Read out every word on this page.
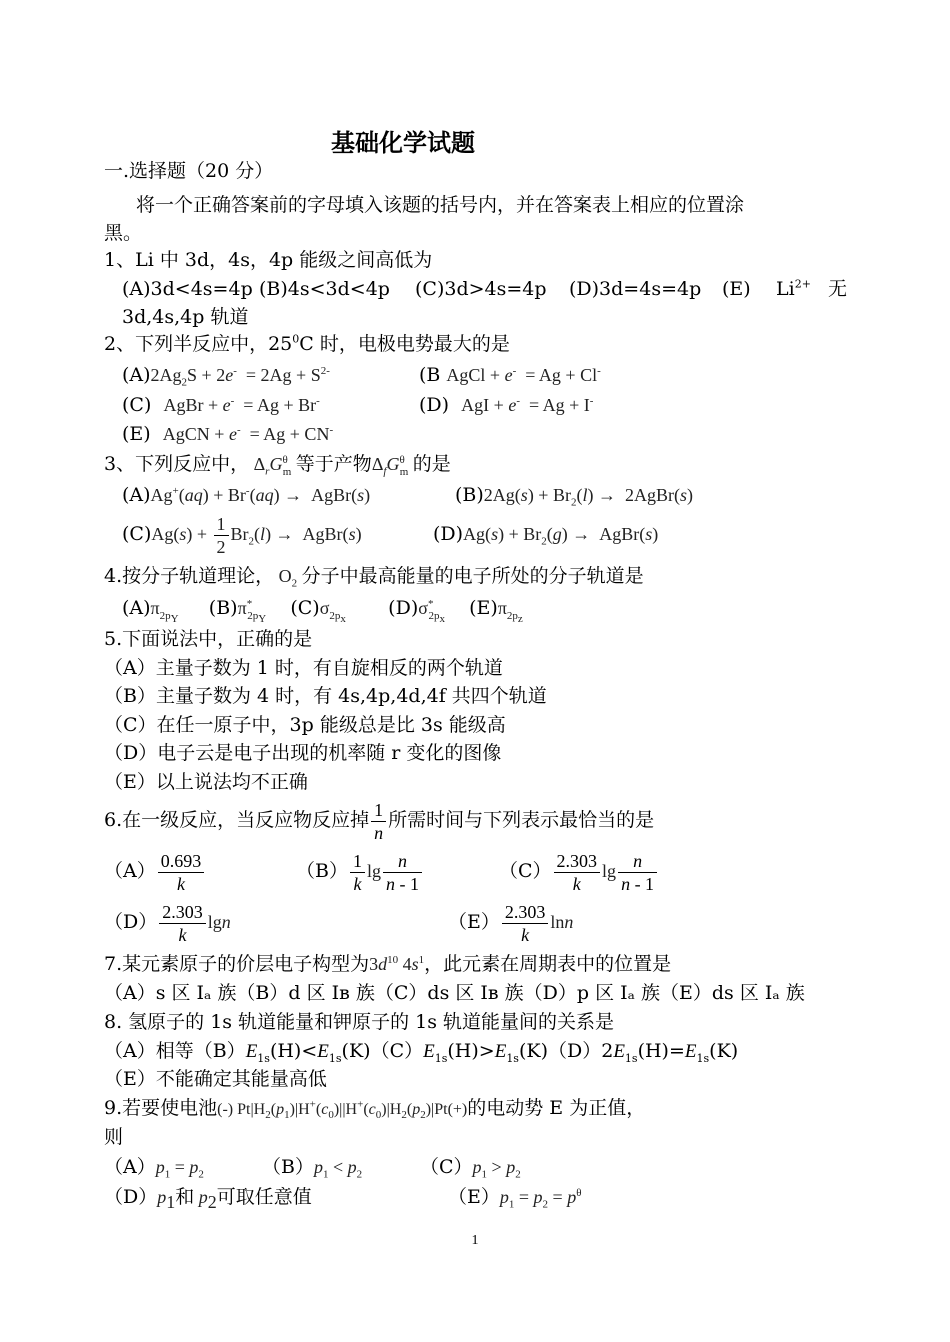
基础化学试题
一.选择题（20 分）
将一个正确答案前的字母填入该题的括号内，并在答案表上相应的位置涂
黑。
1、Li 中 3d，4s，4p 能级之间高低为
(A)3d<4s=4p (B)4s<3d<4p (C)3d>4s=4p (D)3d=4s=4p (E) $Li^{2+}$ 无
3d,4s,4p 轨道
2、下列半反应中，$25^0C$ 时，电极电势最大的是
$(A)2Ag_2S + 2e^- = 2Ag + S^{2-}$	(B AgCl + e-  = Ag + Cl-
(C) AgBr + e-  = Ag + Br-	(D) AgI + e-  = Ag + I-
(E) AgCN + e-  = Ag + CN-
3、下列反应中， $\Delta_rG^\theta_m$ 等于产物$\Delta_fG^\theta_m$ 的是
(A)Ag+(aq) + Br-(aq) →  AgBr(s)	$(B)2Ag(s) + Br_2(l)$ →  2AgBr(s)
$(C)Ag(s) + \frac{1}{2} Br_2(l)$ →  AgBr(s)	$(D)Ag(s) + Br_2(g)$ →  AgBr(s)
4.按分子轨道理论， $O_2$ 分子中最高能量的电子所处的分子轨道是
$(A)\pi_{2p_Y}$ $(B)\pi^*_{2p_Y}$ $(C)\sigma_{2p_x}$ $(D)\sigma^*_{2p_x}$ $(E)\pi_{2p_z}$
5.下面说法中，正确的是
（A）主量子数为 1 时，有自旋相反的两个轨道
（B）主量子数为 4 时，有 4s,4p,4d,4f 共四个轨道
（C）在任一原子中，3p 能级总是比 3s 能级高
（D）电子云是电子出现的机率随 r 变化的图像
（E）以上说法均不正确
6.在一级反应，当反应物反应掉 $\frac{1}{n}$ 所需时间与下列表示最恰当的是
$(A) \frac{0.693}{k}$	$(B) \frac{1}{k}$ $\lg \frac{n}{n - 1}$	$(C) \frac{2.303}{k}$ $\lg \frac{n}{n - 1}$
$(D) \frac{2.303}{k}$ lgn	$(E) \frac{2.303}{k}$ lnn
7.某元素原子的价层电子构型为$3d^{10}$ $4s^1$，此元素在周期表中的位置是
（A）s 区 Iₐ 族（B）d 区 Iʙ 族（C）ds 区 Iʙ 族（D）p 区 Iₐ 族（E）ds 区 Iₐ 族
8. 氢原子的 1s 轨道能量和钾原子的 1s 轨道能量间的关系是
（A）相等$(B)E_{1s}(H)<E_{1s}(K)(C)E_{1s}(H)>E_{1s}(K)(D)2E_{1s}(H)=E_{1s}(K)$
（E）不能确定其能量高低
9.若要使电池(-) $Pt|H_2(p_1)|H^+(c_0)||H^+(c_0)|H_2(p_2)|Pt(+)$的电动势 E 为正值，
则
$(A)p_1 = p_2$	$(B)p_1 < p_2$	$(C)p_1 > p_2$
$(D)p_1$和 $p_2$可取任意值	$(E)p_1 = p_2 = p^\theta$
1
